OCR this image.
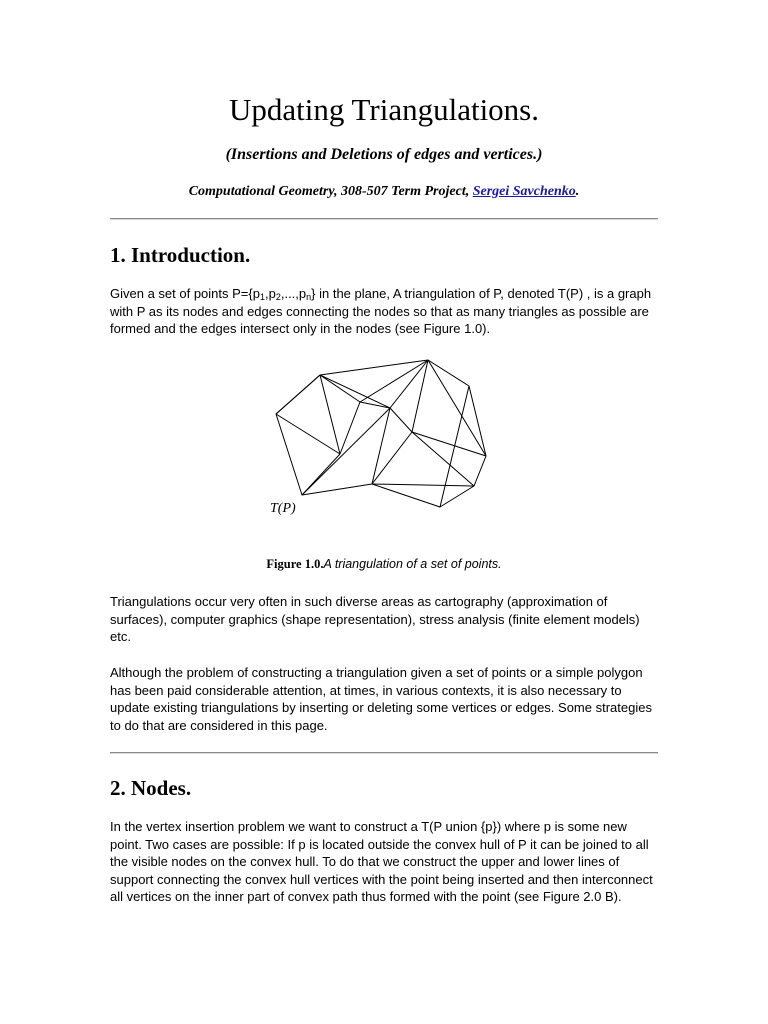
Updating Triangulations.
(Insertions and Deletions of edges and vertices.)
Computational Geometry, 308-507 Term Project, Sergei Savchenko.
1. Introduction.

Given a set of points $P=\{p_1,p_2,...,p_n\}$ in the plane, A triangulation of P, denoted T(P) , is a graph with P as its nodes and edges connecting the nodes so that as many triangles as possible are formed and the edges intersect only in the nodes (see Figure 1.0).

T(P)
Figure 1.0.A triangulation of a set of points.

Triangulations occur very often in such diverse areas as cartography (approximation of surfaces), computer graphics (shape representation), stress analysis (finite element models) etc.

Although the problem of constructing a triangulation given a set of points or a simple polygon has been paid considerable attention, at times, in various contexts, it is also necessary to update existing triangulations by inserting or deleting some vertices or edges. Some strategies to do that are considered in this page.

2. Nodes.

In the vertex insertion problem we want to construct a T(P union {p}) where p is some new point. Two cases are possible: If p is located outside the convex hull of P it can be joined to all the visible nodes on the convex hull. To do that we construct the upper and lower lines of support connecting the convex hull vertices with the point being inserted and then interconnect all vertices on the inner part of convex path thus formed with the point (see Figure 2.0 B).
